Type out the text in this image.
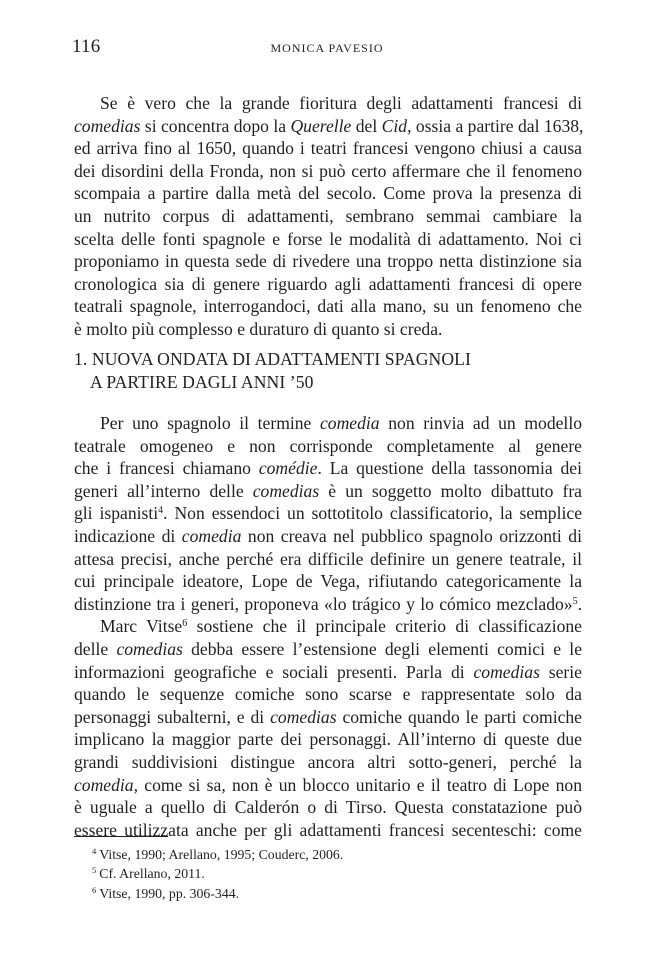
116	MONICA PAVESIO
Se è vero che la grande fioritura degli adattamenti francesi di
comedias si concentra dopo la Querelle del Cid, ossia a partire dal 1638,
ed arriva fino al 1650, quando i teatri francesi vengono chiusi a causa
dei disordini della Fronda, non si può certo affermare che il fenomeno
scompaia a partire dalla metà del secolo. Come prova la presenza di
un nutrito corpus di adattamenti, sembrano semmai cambiare la
scelta delle fonti spagnole e forse le modalità di adattamento. Noi ci
proponiamo in questa sede di rivedere una troppo netta distinzione sia
cronologica sia di genere riguardo agli adattamenti francesi di opere
teatrali spagnole, interrogandoci, dati alla mano, su un fenomeno che
è molto più complesso e duraturo di quanto si creda.
1. NUOVA ONDATA DI ADATTAMENTI SPAGNOLI
A PARTIRE DAGLI ANNI ’50
Per uno spagnolo il termine comedia non rinvia ad un modello
teatrale omogeneo e non corrisponde completamente al genere
che i francesi chiamano comédie. La questione della tassonomia dei
generi all’interno delle comedias è un soggetto molto dibattuto fra
gli ispanisti$^4$. Non essendoci un sottotitolo classificatorio, la semplice
indicazione di comedia non creava nel pubblico spagnolo orizzonti di
attesa precisi, anche perché era difficile definire un genere teatrale, il
cui principale ideatore, Lope de Vega, rifiutando categoricamente la
distinzione tra i generi, proponeva «lo trágico y lo cómico mezclado»$^5$.
Marc Vitse$^6$ sostiene che il principale criterio di classificazione
delle comedias debba essere l’estensione degli elementi comici e le
informazioni geografiche e sociali presenti. Parla di comedias serie
quando le sequenze comiche sono scarse e rappresentate solo da
personaggi subalterni, e di comedias comiche quando le parti comiche
implicano la maggior parte dei personaggi. All’interno di queste due
grandi suddivisioni distingue ancora altri sotto-generi, perché la
comedia, come si sa, non è un blocco unitario e il teatro di Lope non
è uguale a quello di Calderón o di Tirso. Questa constatazione può
essere utilizzata anche per gli adattamenti francesi secenteschi: come
$^4$ Vitse, 1990; Arellano, 1995; Couderc, 2006.
$^5$ Cf. Arellano, 2011.
$^6$ Vitse, 1990, pp. 306-344.
